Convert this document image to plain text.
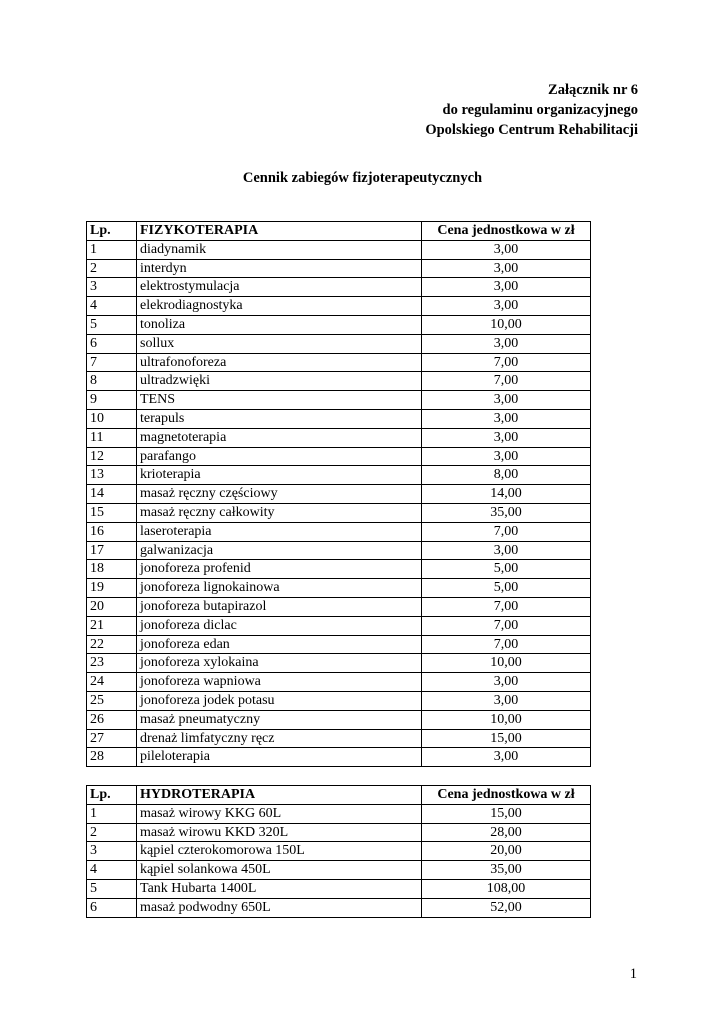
Załącznik nr 6
do regulaminu organizacyjnego
Opolskiego Centrum Rehabilitacji
Cennik zabiegów fizjoterapeutycznych
Lp.	FIZYKOTERAPIA	Cena jednostkowa w zł
1	diadynamik	3,00
2	interdyn	3,00
3	elektrostymulacja	3,00
4	elekrodiagnostyka	3,00
5	tonoliza	10,00
6	sollux	3,00
7	ultrafonoforeza	7,00
8	ultradzwięki	7,00
9	TENS	3,00
10	terapuls	3,00
11	magnetoterapia	3,00
12	parafango	3,00
13	krioterapia	8,00
14	masaż ręczny częściowy	14,00
15	masaż ręczny całkowity	35,00
16	laseroterapia	7,00
17	galwanizacja	3,00
18	jonoforeza profenid	5,00
19	jonoforeza lignokainowa	5,00
20	jonoforeza butapirazol	7,00
21	jonoforeza diclac	7,00
22	jonoforeza edan	7,00
23	jonoforeza xylokaina	10,00
24	jonoforeza wapniowa	3,00
25	jonoforeza jodek potasu	3,00
26	masaż pneumatyczny	10,00
27	drenaż limfatyczny ręcz	15,00
28	pileloterapia	3,00
Lp.	HYDROTERAPIA	Cena jednostkowa w zł
1	masaż wirowy KKG 60L	15,00
2	masaż wirowu KKD 320L	28,00
3	kąpiel czterokomorowa 150L	20,00
4	kąpiel solankowa 450L	35,00
5	Tank Hubarta 1400L	108,00
6	masaż podwodny 650L	52,00
1
